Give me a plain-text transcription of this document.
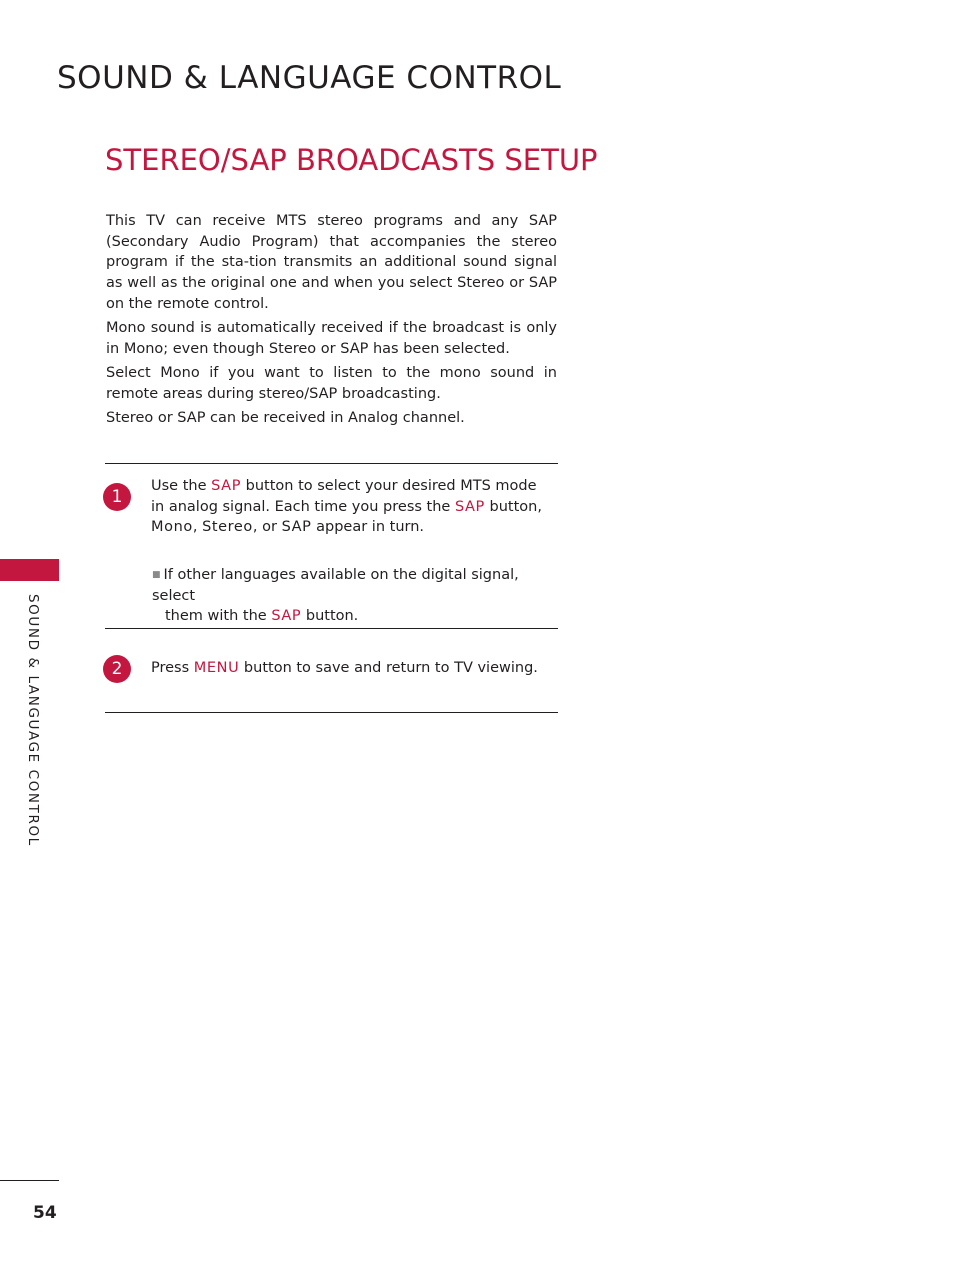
SOUND & LANGUAGE CONTROL
STEREO/SAP BROADCASTS SETUP

This TV can receive MTS stereo programs and any SAP (Secondary Audio Program) that accompanies the stereo program if the sta-tion transmits an additional sound signal as well as the original one and when you select Stereo or SAP on the remote control.

Mono sound is automatically received if the broadcast is only in Mono; even though Stereo or SAP has been selected.

Select Mono if you want to listen to the mono sound in remote areas during stereo/SAP broadcasting.

Stereo or SAP can be received in Analog channel.

1
Use the SAP button to select your desired MTS mode in analog signal. Each time you press the SAP button, Mono, Stereo, or SAP appear in turn.
■ If other languages available on the digital signal, select
them with the SAP button.
2	Press MENU button to save and return to TV viewing.
SOUND & LANGUAGE CONTROL
54
